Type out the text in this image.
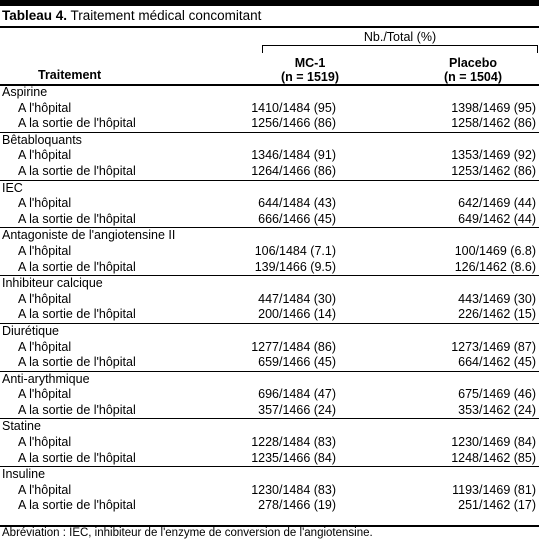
Tableau 4. Traitement médical concomitant
Nb./Total (%)
MC-1
(n = 1519)
Placebo
(n = 1504)
Traitement
Aspirine
A l'hôpital	1410/1484 (95)	1398/1469 (95)
A la sortie de l'hôpital	1256/1466 (86)	1258/1462 (86)
Bêtabloquants
A l'hôpital	1346/1484 (91)	1353/1469 (92)
A la sortie de l'hôpital	1264/1466 (86)	1253/1462 (86)
IEC
A l'hôpital	644/1484 (43)	642/1469 (44)
A la sortie de l'hôpital	666/1466 (45)	649/1462 (44)
Antagoniste de l'angiotensine II
A l'hôpital	106/1484 (7.1)	100/1469 (6.8)
A la sortie de l'hôpital	139/1466 (9.5)	126/1462 (8.6)
Inhibiteur calcique
A l'hôpital	447/1484 (30)	443/1469 (30)
A la sortie de l'hôpital	200/1466 (14)	226/1462 (15)
Diurétique
A l'hôpital	1277/1484 (86)	1273/1469 (87)
A la sortie de l'hôpital	659/1466 (45)	664/1462 (45)
Anti-arythmique
A l'hôpital	696/1484 (47)	675/1469 (46)
A la sortie de l'hôpital	357/1466 (24)	353/1462 (24)
Statine
A l'hôpital	1228/1484 (83)	1230/1469 (84)
A la sortie de l'hôpital	1235/1466 (84)	1248/1462 (85)
Insuline
A l'hôpital	1230/1484 (83)	1193/1469 (81)
A la sortie de l'hôpital	278/1466 (19)	251/1462 (17)
Abréviation : IEC, inhibiteur de l'enzyme de conversion de l'angiotensine.
